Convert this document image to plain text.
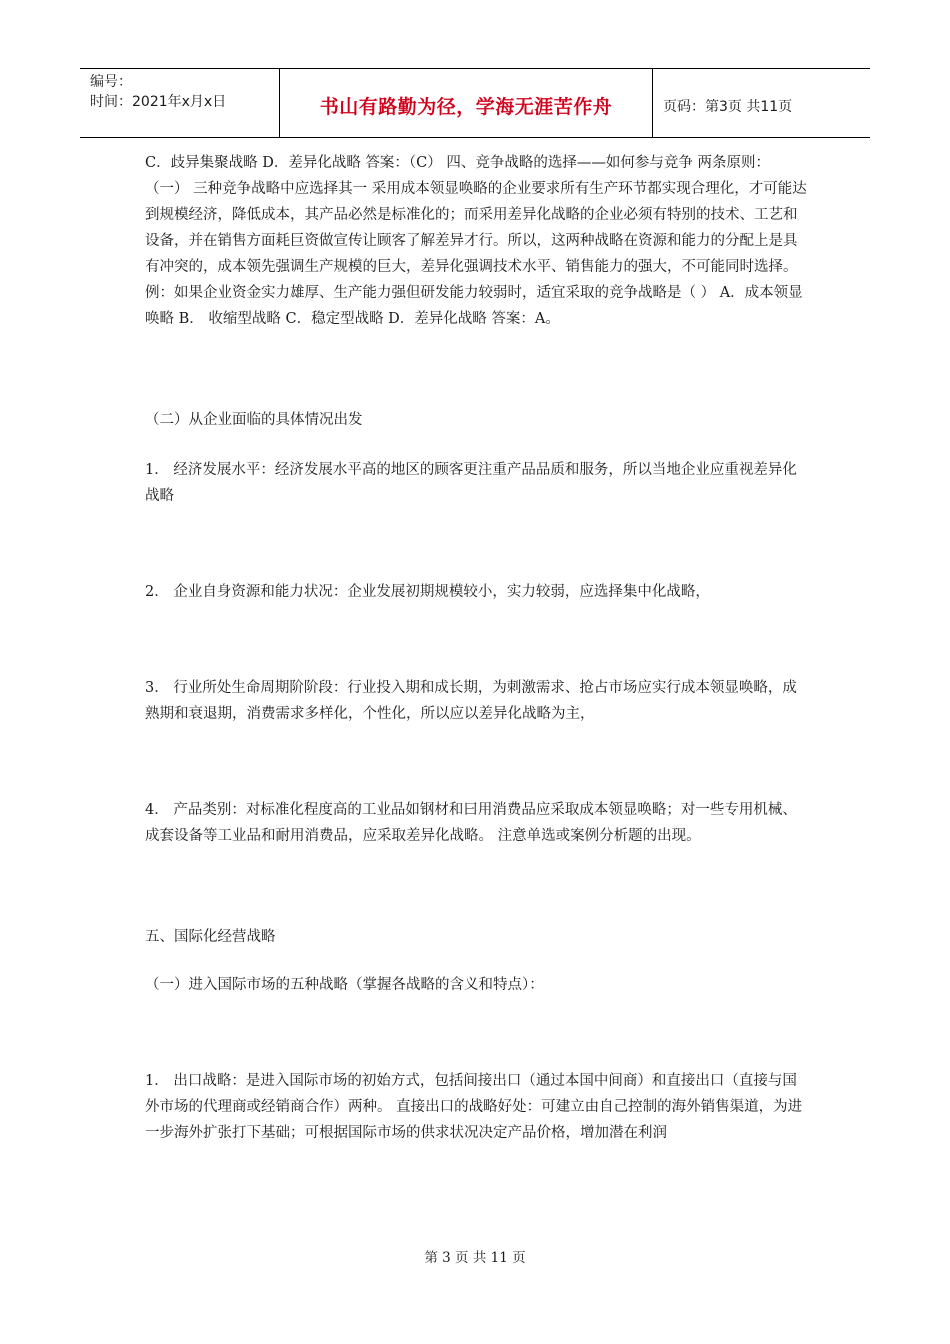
编号：
时间：2021年x月x日	书山有路勤为径，学海无涯苦作舟	页码：第3页 共11页

C．歧异集聚战略 D．差异化战略 答案：（C） 四、竞争战略的选择——如何参与竞争 两条原则： （一） 三种竞争战略中应选择其一 采用成本领显唤略的企业要求所有生产环节都实现合理化，才可能达到规模经济，降低成本，其产品必然是标准化的；而采用差异化战略的企业必须有特别的技术、工艺和设备，并在销售方面耗巨资做宣传让顾客了解差异才行。所以，这两种战略在资源和能力的分配上是具有冲突的，成本领先强调生产规模的巨大，差异化强调技术水平、销售能力的强大，不可能同时选择。 例：如果企业资金实力雄厚、生产能力强但研发能力较弱时，适宜采取的竞争战略是（ ） A．成本领显唤略 B． 收缩型战略 C．稳定型战略 D．差异化战略 答案：A。

（二）从企业面临的具体情况出发

1． 经济发展水平：经济发展水平高的地区的顾客更注重产品品质和服务，所以当地企业应重视差异化战略

2． 企业自身资源和能力状况：企业发展初期规模较小，实力较弱，应选择集中化战略，

3． 行业所处生命周期阶阶段：行业投入期和成长期，为刺激需求、抢占市场应实行成本领显唤略，成熟期和衰退期，消费需求多样化，个性化，所以应以差异化战略为主，

4． 产品类别：对标准化程度高的工业品如钢材和曰用消费品应采取成本领显唤略；对一些专用机械、成套设备等工业品和耐用消费品，应采取差异化战略。 注意单选或案例分析题的出现。

五、国际化经营战略

（一）进入国际市场的五种战略（掌握各战略的含义和特点）：

1． 出口战略：是进入国际市场的初始方式，包括间接出口（通过本国中间商）和直接出口（直接与国外市场的代理商或经销商合作）两种。 直接出口的战略好处：可建立由自己控制的海外销售渠道，为进一步海外扩张打下基础；可根据国际市场的供求状况决定产品价格，增加潜在利润

第 3 页 共 11 页
